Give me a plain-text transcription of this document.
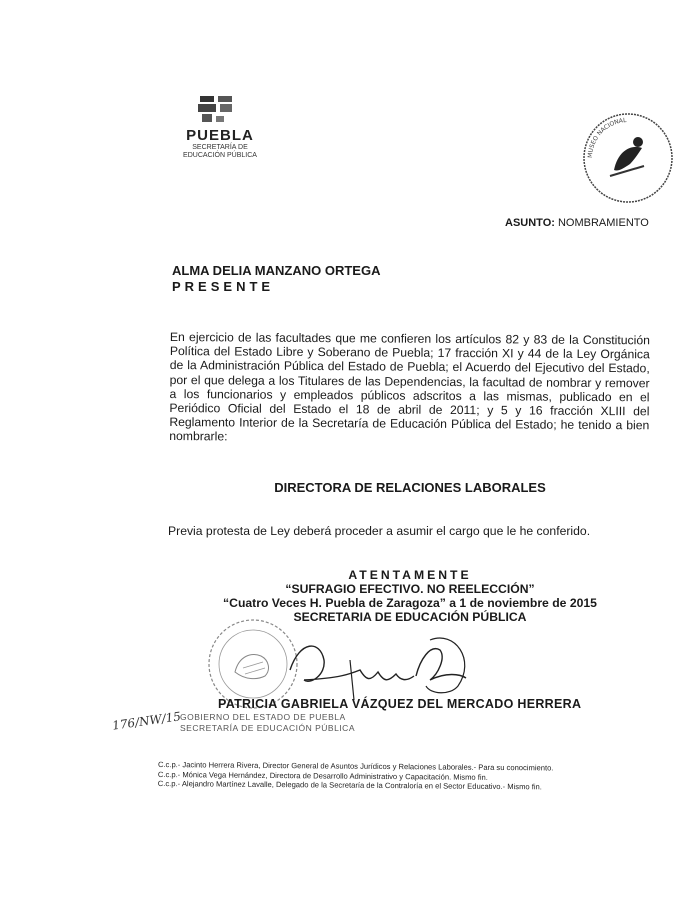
PUEBLA
SECRETARÍA DE
EDUCACIÓN PÚBLICA	MUSEO NACIONAL
ASUNTO: NOMBRAMIENTO
ALMA DELIA MANZANO ORTEGA
PRESENTE
En ejercicio de las facultades que me confieren los artículos 82 y 83 de la Constitución Política del Estado Libre y Soberano de Puebla; 17 fracción XI y 44 de la Ley Orgánica de la Administración Pública del Estado de Puebla; el Acuerdo del Ejecutivo del Estado, por el que delega a los Titulares de las Dependencias, la facultad de nombrar y remover a los funcionarios y empleados públicos adscritos a las mismas, publicado en el Periódico Oficial del Estado el 18 de abril de 2011; y 5 y 16 fracción XLIII del Reglamento Interior de la Secretaría de Educación Pública del Estado; he tenido a bien nombrarle:
DIRECTORA DE RELACIONES LABORALES
Previa protesta de Ley deberá proceder a asumir el cargo que le he conferido.
ATENTAMENTE
“SUFRAGIO EFECTIVO. NO REELECCIÓN”
“Cuatro Veces H. Puebla de Zaragoza” a 1 de noviembre de 2015
SECRETARIA DE EDUCACIÓN PÚBLICA
PATRICIA GABRIELA VÁZQUEZ DEL MERCADO HERRERA
GOBIERNO DEL ESTADO DE PUEBLA
SECRETARÍA DE EDUCACIÓN PÚBLICA
176/NW/15
C.c.p.- Jacinto Herrera Rivera, Director General de Asuntos Jurídicos y Relaciones Laborales.- Para su conocimiento.
C.c.p.- Mónica Vega Hernández, Directora de Desarrollo Administrativo y Capacitación. Mismo fin.
C.c.p.- Alejandro Martínez Lavalle, Delegado de la Secretaría de la Contraloría en el Sector Educativo.- Mismo fin.
